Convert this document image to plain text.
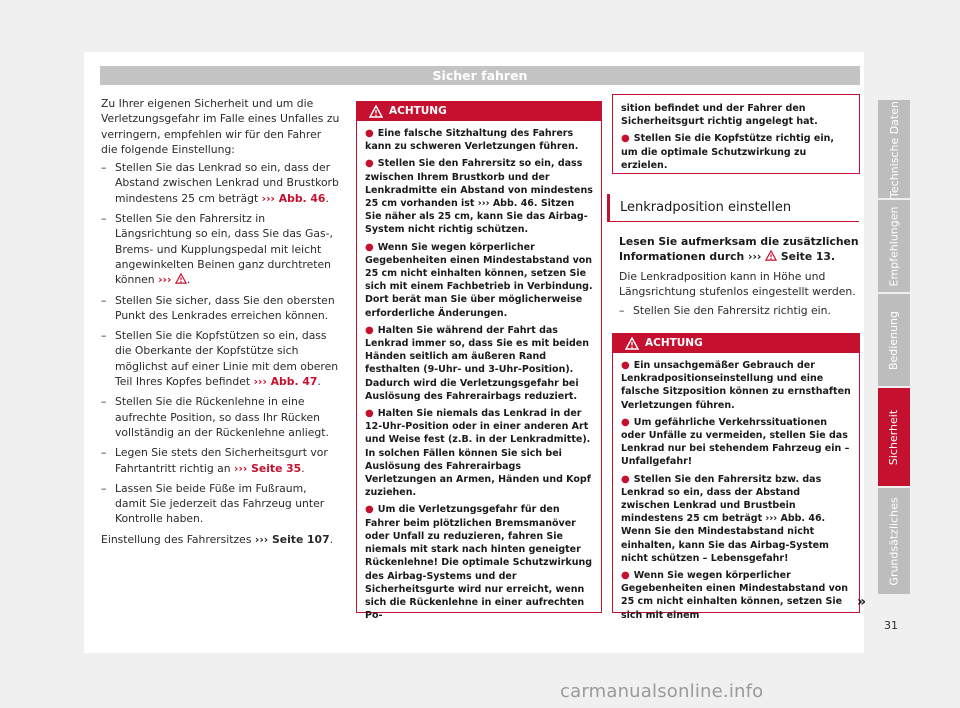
Sicher fahren

Zu Ihrer eigenen Sicherheit und um die Verletzungsgefahr im Falle eines Unfalles zu verringern, empfehlen wir für den Fahrer die folgende Einstellung:

– Stellen Sie das Lenkrad so ein, dass der Abstand zwischen Lenkrad und Brustkorb mindestens 25 cm beträgt ››› Abb. 46.
– Stellen Sie den Fahrersitz in Längsrichtung so ein, dass Sie das Gas-, Brems- und Kupplungspedal mit leicht angewinkelten Beinen ganz durchtreten können ››› .
– Stellen Sie sicher, dass Sie den obersten Punkt des Lenkrades erreichen können.
– Stellen Sie die Kopfstützen so ein, dass die Oberkante der Kopfstütze sich möglichst auf einer Linie mit dem oberen Teil Ihres Kopfes befindet ››› Abb. 47.
– Stellen Sie die Rückenlehne in eine aufrechte Position, so dass Ihr Rücken vollständig an der Rückenlehne anliegt.
– Legen Sie stets den Sicherheitsgurt vor Fahrtantritt richtig an ››› Seite 35.
– Lassen Sie beide Füße im Fußraum, damit Sie jederzeit das Fahrzeug unter Kontrolle haben.

Einstellung des Fahrersitzes ››› Seite 107.

ACHTUNG
● Eine falsche Sitzhaltung des Fahrers kann zu schweren Verletzungen führen.
● Stellen Sie den Fahrersitz so ein, dass zwischen Ihrem Brustkorb und der Lenkradmitte ein Abstand von mindestens 25 cm vorhanden ist ››› Abb. 46. Sitzen Sie näher als 25 cm, kann Sie das Airbag-System nicht richtig schützen.
● Wenn Sie wegen körperlicher Gegebenheiten einen Mindestabstand von 25 cm nicht einhalten können, setzen Sie sich mit einem Fachbetrieb in Verbindung. Dort berät man Sie über möglicherweise erforderliche Änderungen.
● Halten Sie während der Fahrt das Lenkrad immer so, dass Sie es mit beiden Händen seitlich am äußeren Rand festhalten (9-Uhr- und 3-Uhr-Position). Dadurch wird die Verletzungsgefahr bei Auslösung des Fahrerairbags reduziert.
● Halten Sie niemals das Lenkrad in der 12-Uhr-Position oder in einer anderen Art und Weise fest (z.B. in der Lenkradmitte). In solchen Fällen können Sie sich bei Auslösung des Fahrerairbags Verletzungen an Armen, Händen und Kopf zuziehen.
● Um die Verletzungsgefahr für den Fahrer beim plötzlichen Bremsmanöver oder Unfall zu reduzieren, fahren Sie niemals mit stark nach hinten geneigter Rückenlehne! Die optimale Schutzwirkung des Airbag-Systems und der Sicherheitsgurte wird nur erreicht, wenn sich die Rückenlehne in einer aufrechten Po-
sition befindet und der Fahrer den Sicherheitsgurt richtig angelegt hat.
● Stellen Sie die Kopfstütze richtig ein, um die optimale Schutzwirkung zu erzielen.
Lenkradposition einstellen

Lesen Sie aufmerksam die zusätzlichen Informationen durch ›››  Seite 13.

Die Lenkradposition kann in Höhe und Längsrichtung stufenlos eingestellt werden.

– Stellen Sie den Fahrersitz richtig ein.
ACHTUNG
● Ein unsachgemäßer Gebrauch der Lenkradpositionseinstellung und eine falsche Sitzposition können zu ernsthaften Verletzungen führen.
● Um gefährliche Verkehrssituationen oder Unfälle zu vermeiden, stellen Sie das Lenkrad nur bei stehendem Fahrzeug ein – Unfallgefahr!
● Stellen Sie den Fahrersitz bzw. das Lenkrad so ein, dass der Abstand zwischen Lenkrad und Brustbein mindestens 25 cm beträgt ››› Abb. 46. Wenn Sie den Mindestabstand nicht einhalten, kann Sie das Airbag-System nicht schützen – Lebensgefahr!
● Wenn Sie wegen körperlicher Gegebenheiten einen Mindestabstand von 25 cm nicht einhalten können, setzen Sie sich mit einem
»
Technische Daten
Empfehlungen
Bedienung
Sicherheit
Grundsätzliches
31
carmanualsonline.info
